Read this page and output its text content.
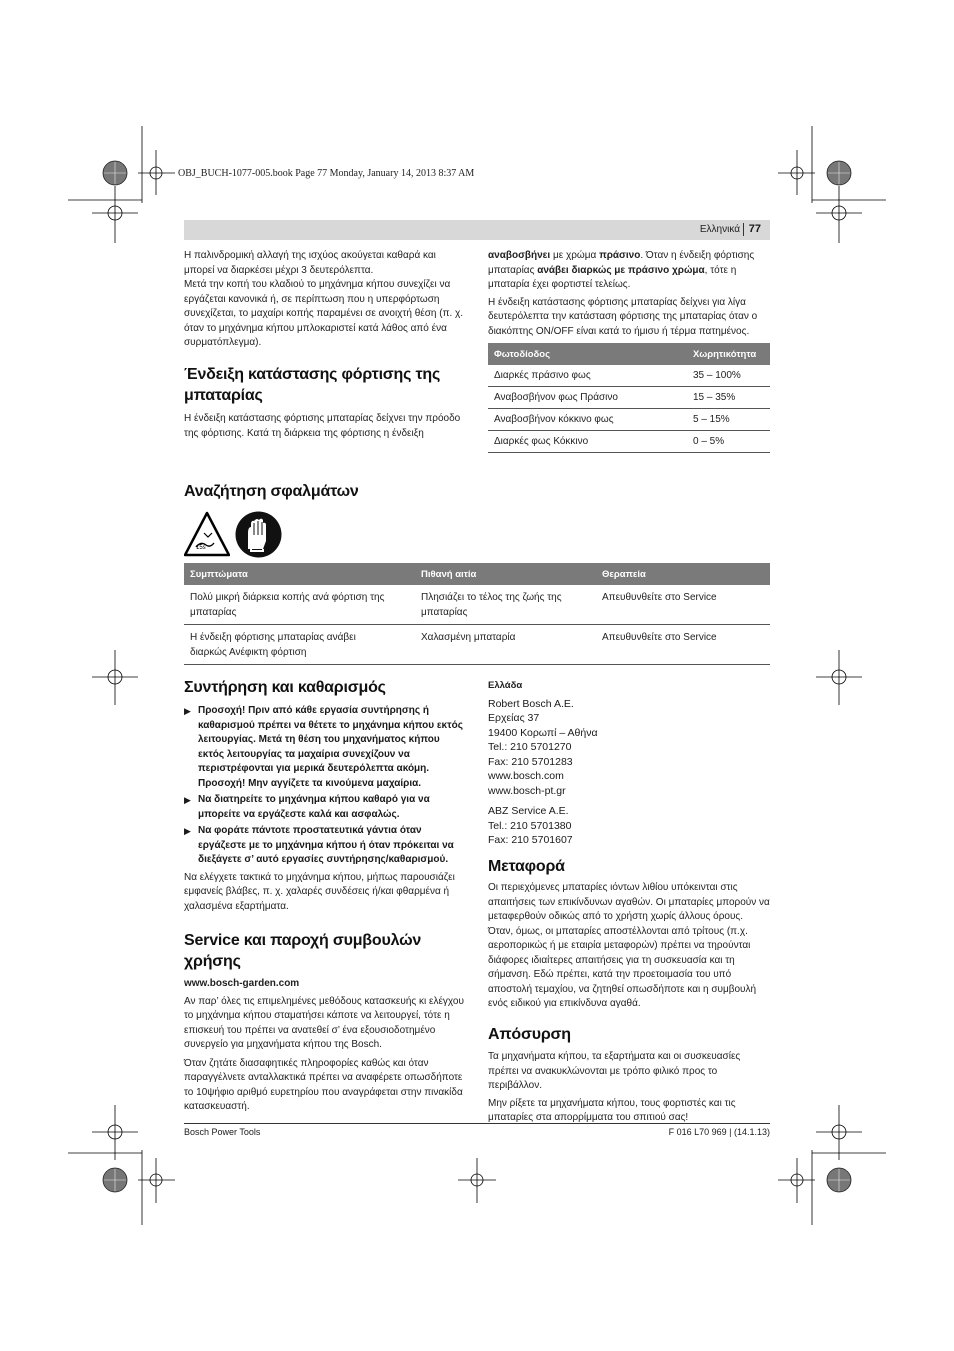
OBJ_BUCH-1077-005.book Page 77 Monday, January 14, 2013 8:37 AM
Ελληνικά 77

Η παλινδρομική αλλαγή της ισχύος ακούγεται καθαρά και μπορεί να διαρκέσει μέχρι 3 δευτερόλεπτα.

Μετά την κοπή του κλαδιού το μηχάνημα κήπου συνεχίζει να εργάζεται κανονικά ή, σε περίπτωση που η υπερφόρτωση συνεχίζεται, το μαχαίρι κοπής παραμένει σε ανοιχτή θέση (π. χ. όταν το μηχάνημα κήπου μπλοκαριστεί κατά λάθος από ένα συρματόπλεγμα).

Ένδειξη κατάστασης φόρτισης της μπαταρίας

Η ένδειξη κατάστασης φόρτισης μπαταρίας δείχνει την πρόοδο της φόρτισης. Κατά τη διάρκεια της φόρτισης η ένδειξη

αναβοσβήνει με χρώμα πράσινο. Όταν η ένδειξη φόρτισης μπαταρίας ανάβει διαρκώς με πράσινο χρώμα, τότε η μπαταρία έχει φορτιστεί τελείως.

Η ένδειξη κατάστασης φόρτισης μπαταρίας δείχνει για λίγα δευτερόλεπτα την κατάσταση φόρτισης της μπαταρίας όταν ο διακόπτης ON/OFF είναι κατά το ήμισυ ή τέρμα πατημένος.

Φωτοδίοδος	Χωρητικότητα
Διαρκές πράσινο φως	35 – 100%
Αναβοσβήνον φως Πράσινο	15 – 35%
Αναβοσβήνον κόκκινο φως	5 – 15%
Διαρκές φως Κόκκινο	0 – 5%
Αναζήτηση σφαλμάτων
15s
Συμπτώματα	Πιθανή αιτία	Θεραπεία
Πολύ μικρή διάρκεια κοπής ανά φόρτιση της μπαταρίας	Πλησιάζει το τέλος της ζωής της μπαταρίας	Απευθυνθείτε στο Service
Η ένδειξη φόρτισης μπαταρίας ανάβει διαρκώς Ανέφικτη φόρτιση	Χαλασμένη μπαταρία	Απευθυνθείτε στο Service
Συντήρηση και καθαρισμός
▶ Προσοχή! Πριν από κάθε εργασία συντήρησης ή καθαρισμού πρέπει να θέτετε το μηχάνημα κήπου εκτός λειτουργίας. Μετά τη θέση του μηχανήματος κήπου εκτός λειτουργίας τα μαχαίρια συνεχίζουν να περιστρέφονται για μερικά δευτερόλεπτα ακόμη. Προσοχή! Μην αγγίζετε τα κινούμενα μαχαίρια.
▶ Να διατηρείτε το μηχάνημα κήπου καθαρό για να μπορείτε να εργάζεστε καλά και ασφαλώς.
▶ Να φοράτε πάντοτε προστατευτικά γάντια όταν εργάζεστε με το μηχάνημα κήπου ή όταν πρόκειται να διεξάγετε σ’ αυτό εργασίες συντήρησης/καθαρισμού.

Να ελέγχετε τακτικά το μηχάνημα κήπου, μήπως παρουσιάζει εμφανείς βλάβες, π. χ. χαλαρές συνδέσεις ή/και φθαρμένα ή χαλασμένα εξαρτήματα.

Service και παροχή συμβουλών χρήσης

www.bosch-garden.com

Αν παρ’ όλες τις επιμελημένες μεθόδους κατασκευής κι ελέγχου το μηχάνημα κήπου σταματήσει κάποτε να λειτουργεί, τότε η επισκευή του πρέπει να ανατεθεί σ’ ένα εξουσιοδοτημένο συνεργείο για μηχανήματα κήπου της Bosch.

Όταν ζητάτε διασαφητικές πληροφορίες καθώς και όταν παραγγέλνετε ανταλλακτικά πρέπει να αναφέρετε οπωσδήποτε το 10ψήφιο αριθμό ευρετηρίου που αναγράφεται στην πινακίδα κατασκευαστή.

Ελλάδα

Robert Bosch A.E.
Ερχείας 37
19400 Κορωπί – Αθήνα
Tel.: 210 5701270
Fax: 210 5701283
www.bosch.com
www.bosch-pt.gr
ABZ Service A.E.
Tel.: 210 5701380
Fax: 210 5701607
Μεταφορά

Οι περιεχόμενες μπαταρίες ιόντων λιθίου υπόκεινται στις απαιτήσεις των επικίνδυνων αγαθών. Οι μπαταρίες μπορούν να μεταφερθούν οδικώς από το χρήστη χωρίς άλλους όρους. Όταν, όμως, οι μπαταρίες αποστέλλονται από τρίτους (π.χ. αεροπορικώς ή με εταιρία μεταφορών) πρέπει να τηρούνται διάφορες ιδιαίτερες απαιτήσεις για τη συσκευασία και τη σήμανση. Εδώ πρέπει, κατά την προετοιμασία του υπό αποστολή τεμαχίου, να ζητηθεί οπωσδήποτε και η συμβουλή ενός ειδικού για επικίνδυνα αγαθά.

Απόσυρση

Τα μηχανήματα κήπου, τα εξαρτήματα και οι συσκευασίες πρέπει να ανακυκλώνονται με τρόπο φιλικό προς το περιβάλλον.

Μην ρίξετε τα μηχανήματα κήπου, τους φορτιστές και τις μπαταρίες στα απορρίμματα του σπιτιού σας!

Bosch Power Tools	F 016 L70 969 | (14.1.13)
